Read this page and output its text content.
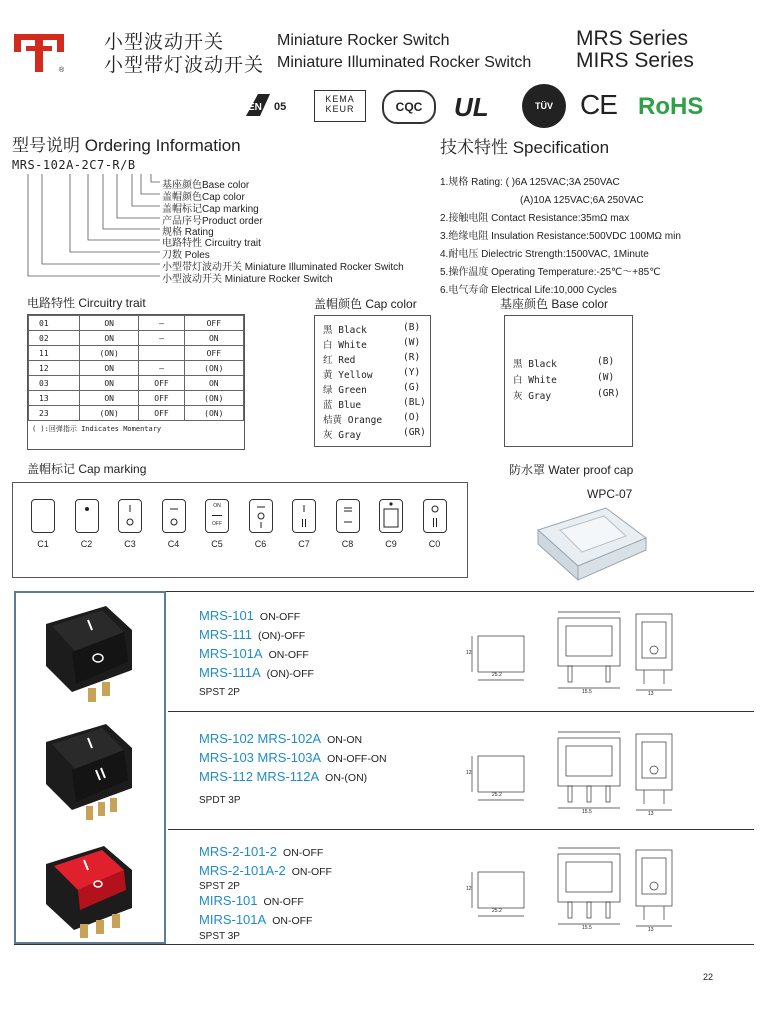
®
小型波动开关
小型带灯波动开关
Miniature Rocker Switch
Miniature Illuminated Rocker Switch
MRS Series
MIRS Series
EN 05
KEMA
KEUR	CQC	UL	TÜV CE RoHS
型号说明 Ordering Information
MRS-102A-2C7-R/B
基座颜色Base color
盖帽颜色Cap color
盖帽标记Cap marking
产品序号Product order
规格 Rating
电路特性 Circuitry trait
刀数 Poles
小型带灯波动开关 Miniature Illuminated Rocker Switch
小型波动开关 Miniature Rocker Switch
技术特性 Specification
1.规格 Rating: ( )6A 125VAC;3A 250VAC
(A)10A 125VAC;6A 250VAC
2.接触电阻 Contact Resistance:35mΩ max
3.绝缘电阻 Insulation Resistance:500VDC 100MΩ min
4.耐电压 Dielectric Strength:1500VAC, 1Minute
5.操作温度 Operating Temperature:-25℃～+85℃
6.电气寿命 Electrical Life:10,000 Cycles
电路特性 Circuitry trait
01	ON	—	OFF
02	ON	—	ON
11	(ON)		OFF
12	ON	—	(ON)
03	ON	OFF	ON
13	ON	OFF	(ON)
23	(ON)	OFF	(ON)
( ):回弹指示 Indicates Momentary
盖帽颜色 Cap color
黑 Black	(B)
白 White	(W)
红 Red	(R)
黄 Yellow	(Y)
绿 Green	(G)
蓝 Blue	(BL)
桔黄 Orange (O)
灰 Gray	(GR)
基座颜色 Base color
黑 Black	(B)
白 White	(W)
灰 Gray	(GR)
盖帽标记 Cap marking
C1	C2	C3	C4
ON
OFF
C5	C6	C7	C8	C9	C0
防水罩 Water proof cap
WPC-07
MRS-101 ON-OFF
MRS-111 (ON)-OFF
MRS-101A ON-OFF
MRS-111A (ON)-OFF
SPST 2P
MRS-102 MRS-102A ON-ON
MRS-103 MRS-103A ON-OFF-ON
MRS-112 MRS-112A ON-(ON)
SPDT 3P
MRS-2-101-2 ON-OFF
MRS-2-101A-2 ON-OFF
SPST 2P
MIRS-101 ON-OFF
MIRS-101A ON-OFF
SPST 3P
25.2
15.5	13
12
25.2
15.5	13
12
25.2
15.5	13
12
22
